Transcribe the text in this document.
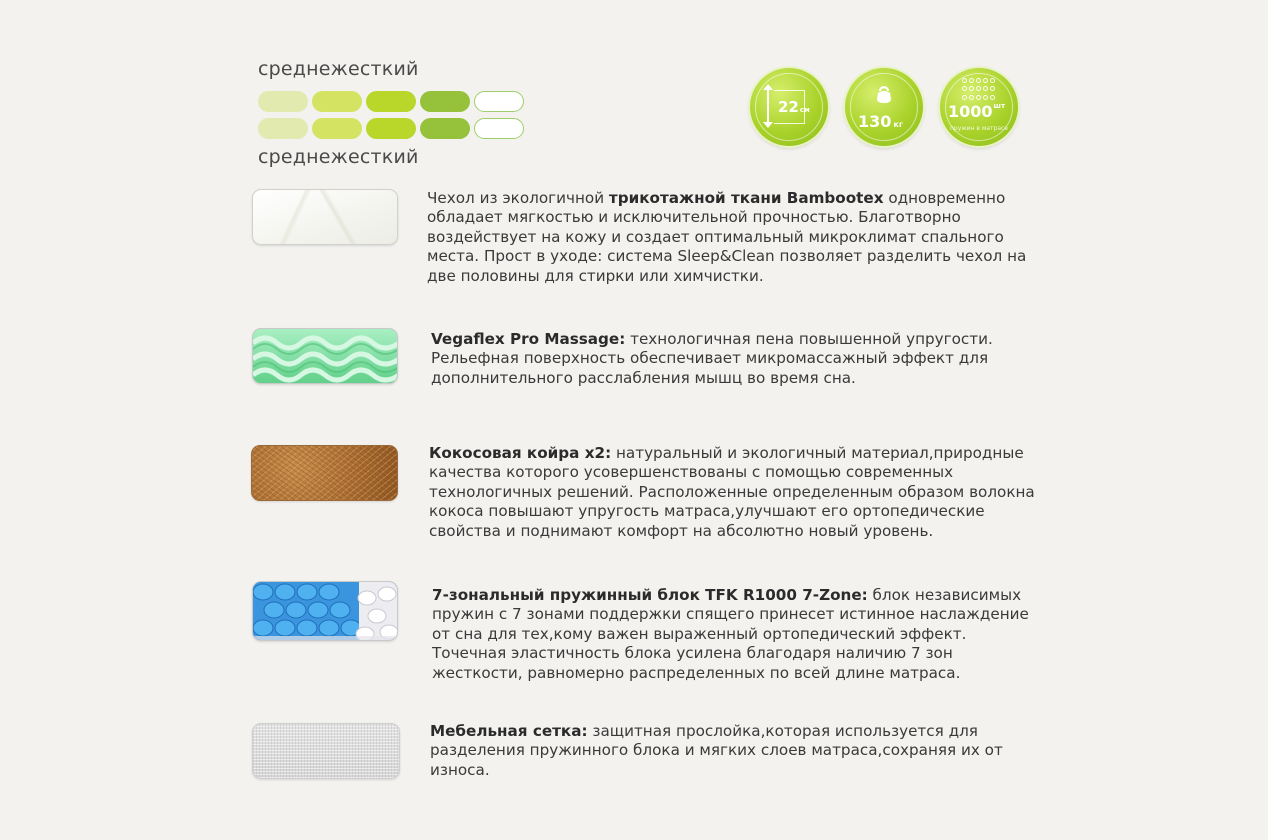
среднежесткий
среднежесткий
22см
130 кг
$1000^{шт}$
пружин в матрасе
Чехол из экологичной трикотажной ткани Bambootex одновременно обладает мягкостью и исключительной прочностью. Благотворно воздействует на кожу и создает оптимальный микроклимат спального места. Прост в уходе: система Sleep&Clean позволяет разделить чехол на две половины для стирки или химчистки.
Vegaflex Pro Massage: технологичная пена повышенной упругости. Рельефная поверхность обеспечивает микромассажный эффект для дополнительного расслабления мышц во время сна.
Кокосовая койра х2: натуральный и экологичный материал,природные качества которого усовершенствованы с помощью современных технологичных решений. Расположенные определенным образом волокна кокоса повышают упругость матраса,улучшают его ортопедические свойства и поднимают комфорт на абсолютно новый уровень.
7-зональный пружинный блок TFK R1000 7-Zone: блок независимых пружин с 7 зонами поддержки спящего принесет истинное наслаждение от сна для тех,кому важен выраженный ортопедический эффект. Точечная эластичность блока усилена благодаря наличию 7 зон жесткости, равномерно распределенных по всей длине матраса.
Мебельная сетка: защитная прослойка,которая используется для разделения пружинного блока и мягких слоев матраса,сохраняя их от износа.
